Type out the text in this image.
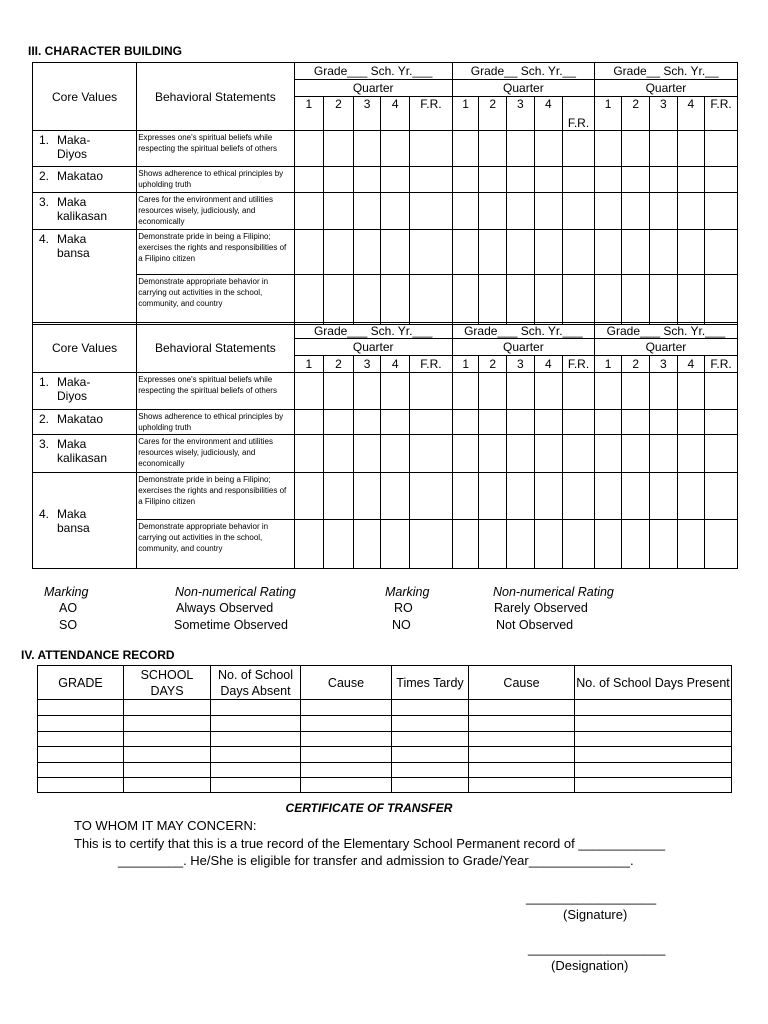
III. CHARACTER BUILDING
Core Values	Behavioral Statements	Grade___ Sch. Yr.___					Grade__ Sch. Yr.__					Grade__ Sch. Yr.__				
		Quarter					Quarter					Quarter				
		1	2	3	4	F.R.	1	2	3	4	F.R.	1	2	3	4	F.R.

1. Maka-
Diyos	Expresses one's spiritual beliefs while respecting the spiritual beliefs of others															
2. Makatao	Shows adherence to ethical principles by upholding truth															
3. Maka
kalikasan	Cares for the environment and utilities resources wisely, judiciously, and economically															
4. Maka
bansa	Demonstrate pride in being a Filipino; exercises the rights and responsibilities of a Filipino citizen															
	Demonstrate appropriate behavior in carrying out activities in the school, community, and country															
Core Values	Behavioral Statements	Grade___ Sch. Yr.___					Grade___ Sch. Yr.___					Grade___ Sch. Yr.___				
		Quarter					Quarter					Quarter				
		1	2	3	4	F.R.	1	2	3	4	F.R.	1	2	3	4	F.R.
1. Maka-
Diyos	Expresses one's spiritual beliefs while respecting the spiritual beliefs of others															
2. Makatao	Shows adherence to ethical principles by upholding truth															
3. Maka
kalikasan	Cares for the environment and utilities resources wisely, judiciously, and economically															
4. Maka
bansa	Demonstrate pride in being a Filipino; exercises the rights and responsibilities of a Filipino citizen															
	Demonstrate appropriate behavior in carrying out activities in the school, community, and country															
Marking	Non-numerical Rating	Marking	Non-numerical Rating
AO	Always Observed	RO	Rarely Observed
SO	Sometime Observed	NO	Not Observed
IV. ATTENDANCE RECORD
GRADE	SCHOOL DAYS	No. of School Days Absent	Cause	Times Tardy	Cause	No. of School Days Present

CERTIFICATE OF TRANSFER
TO WHOM IT MAY CONCERN:
This is to certify that this is a true record of the Elementary School Permanent record of ____________
_________. He/She is eligible for transfer and admission to Grade/Year______________.
__________________
(Signature)
___________________
(Designation)
